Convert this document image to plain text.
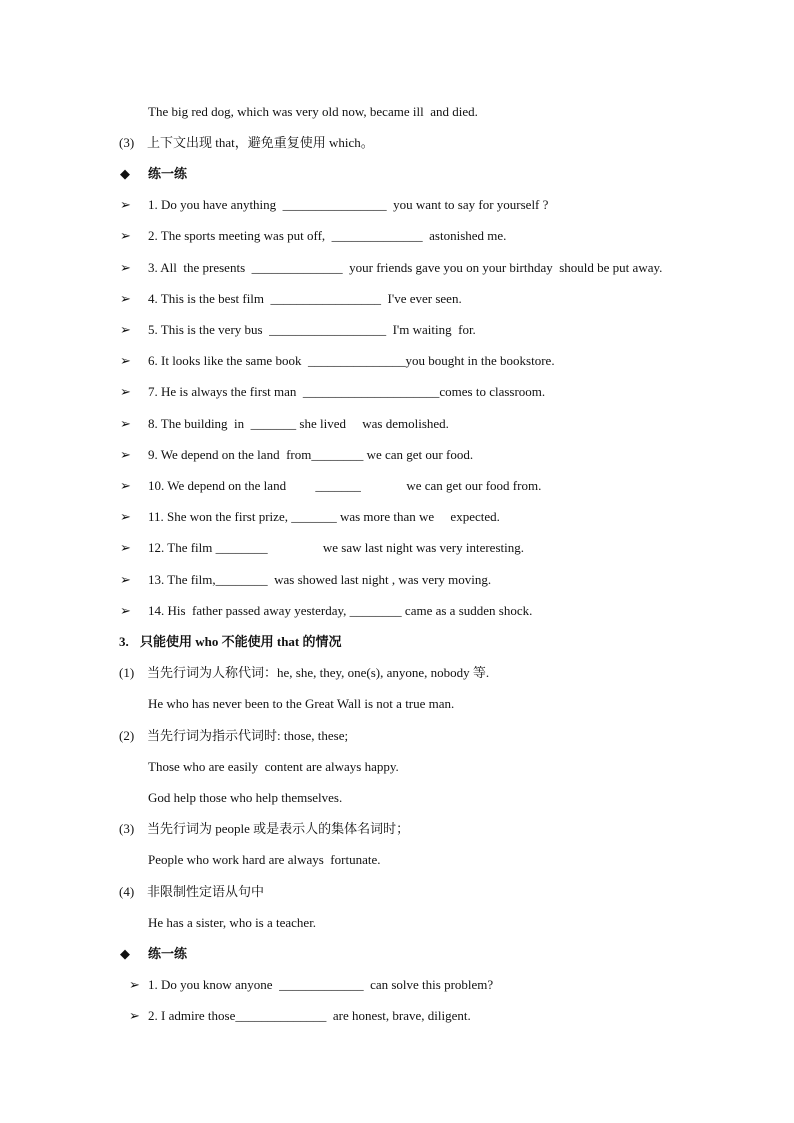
The big red dog, which was very old now, became ill  and died.
(3) 上下文出现 that，避免重复使用 which。
◆	练一练
➢	1. Do you have anything  ________________  you want to say for yourself ?
➢	2. The sports meeting was put off,  ______________  astonished me.
➢	3. All  the presents  ______________  your friends gave you on your birthday  should be put away.
➢	4. This is the best film  _________________  I've ever seen.
➢	5. This is the very bus  __________________  I'm waiting  for.
➢	6. It looks like the same book  _______________you bought in the bookstore.
➢	7. He is always the first man  _____________________comes to classroom.
➢	8. The building  in  _______ she lived     was demolished.
➢	9. We depend on the land  from________ we can get our food.
➢	10. We depend on the land         _______              we can get our food from.
➢	11. She won the first prize, _______ was more than we     expected.
➢	12. The film ________                 we saw last night was very interesting.
➢	13. The film,________  was showed last night , was very moving.
➢	14. His  father passed away yesterday, ________ came as a sudden shock.
3. 只能使用 who 不能使用 that 的情况
(1) 当先行词为人称代词：he, she, they, one(s), anyone, nobody 等.
He who has never been to the Great Wall is not a true man.
(2) 当先行词为指示代词时: those, these;
Those who are easily  content are always happy.
God help those who help themselves.
(3) 当先行词为 people 或是表示人的集体名词时；
People who work hard are always  fortunate.
(4) 非限制性定语从句中
He has a sister, who is a teacher.
◆	练一练
➢ 1. Do you know anyone  _____________  can solve this problem?
➢ 2. I admire those______________  are honest, brave, diligent.
